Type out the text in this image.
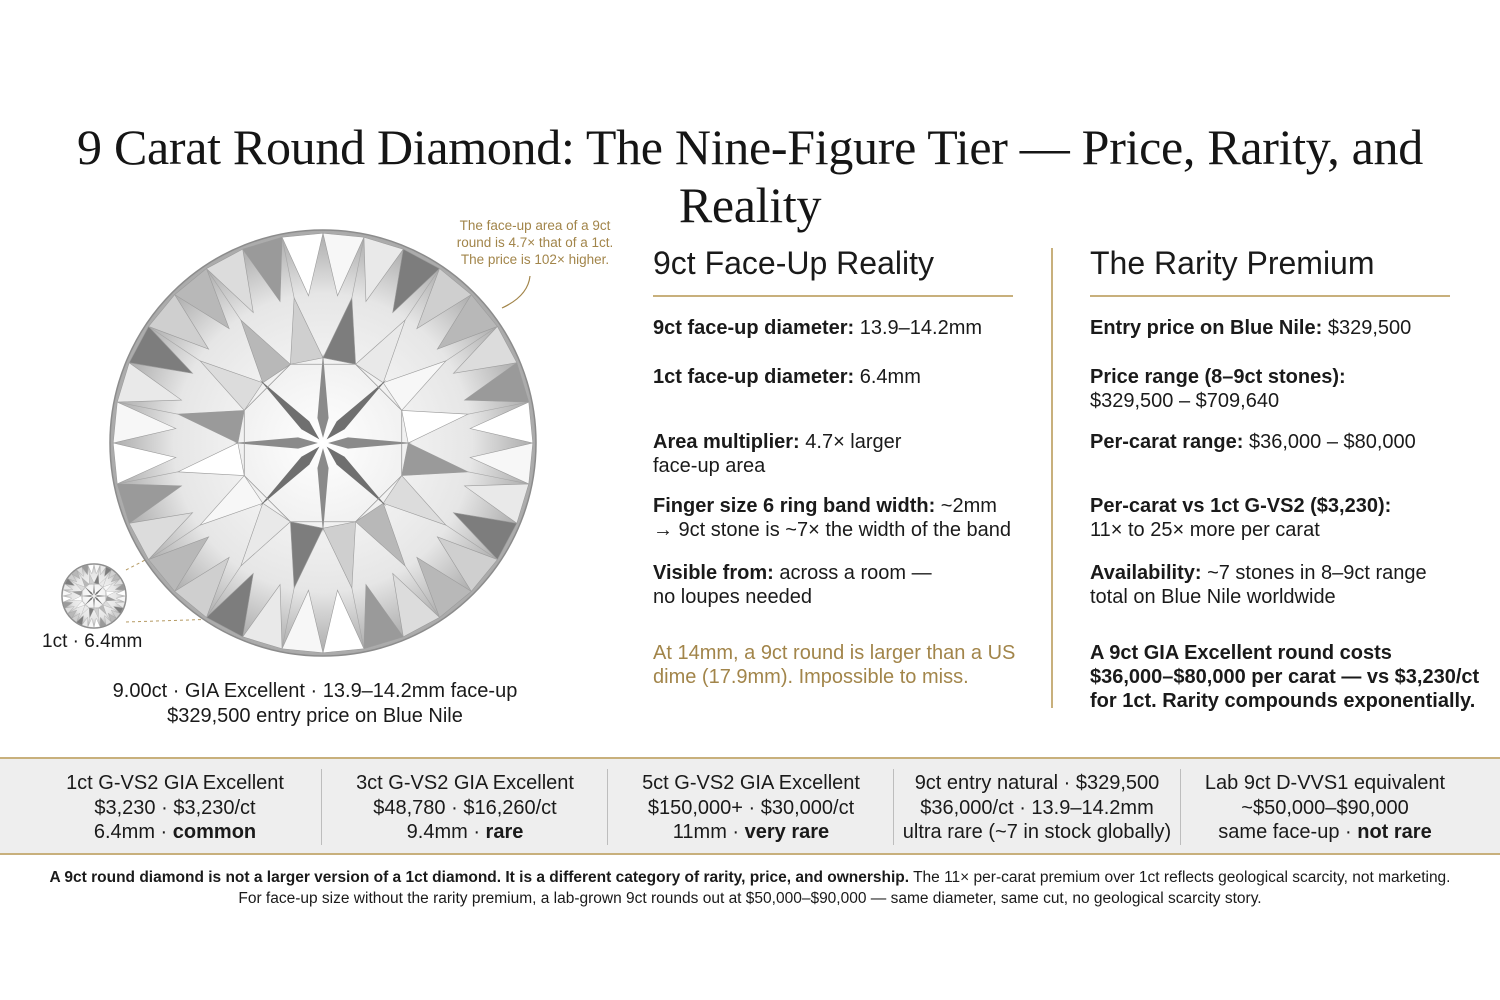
9 Carat Round Diamond: The Nine-Figure Tier — Price, Rarity, and Reality
The face-up area of a 9ct
round is 4.7× that of a 1ct.
The price is 102× higher.
1ct · 6.4mm
9.00ct · GIA Excellent · 13.9–14.2mm face-up
$329,500 entry price on Blue Nile
9ct Face-Up Reality
9ct face-up diameter: 13.9–14.2mm
1ct face-up diameter: 6.4mm
Area multiplier: 4.7× larger
face-up area
Finger size 6 ring band width: ~2mm
→ 9ct stone is ~7× the width of the band
Visible from: across a room —
no loupes needed
At 14mm, a 9ct round is larger than a US
dime (17.9mm). Impossible to miss.
The Rarity Premium
Entry price on Blue Nile: $329,500
Price range (8–9ct stones):
$329,500 – $709,640
Per-carat range: $36,000 – $80,000
Per-carat vs 1ct G-VS2 ($3,230):
11× to 25× more per carat
Availability: ~7 stones in 8–9ct range
total on Blue Nile worldwide
A 9ct GIA Excellent round costs
$36,000–$80,000 per carat — vs $3,230/ct
for 1ct. Rarity compounds exponentially.
1ct G-VS2 GIA Excellent
$3,230 · $3,230/ct
6.4mm · common
3ct G-VS2 GIA Excellent
$48,780 · $16,260/ct
9.4mm · rare
5ct G-VS2 GIA Excellent
$150,000+ · $30,000/ct
11mm · very rare
9ct entry natural · $329,500
$36,000/ct · 13.9–14.2mm
ultra rare (~7 in stock globally)
Lab 9ct D-VVS1 equivalent
~$50,000–$90,000
same face-up · not rare
A 9ct round diamond is not a larger version of a 1ct diamond. It is a different category of rarity, price, and ownership. The 11× per-carat premium over 1ct reflects geological scarcity, not marketing.
For face-up size without the rarity premium, a lab-grown 9ct rounds out at $50,000–$90,000 — same diameter, same cut, no geological scarcity story.
